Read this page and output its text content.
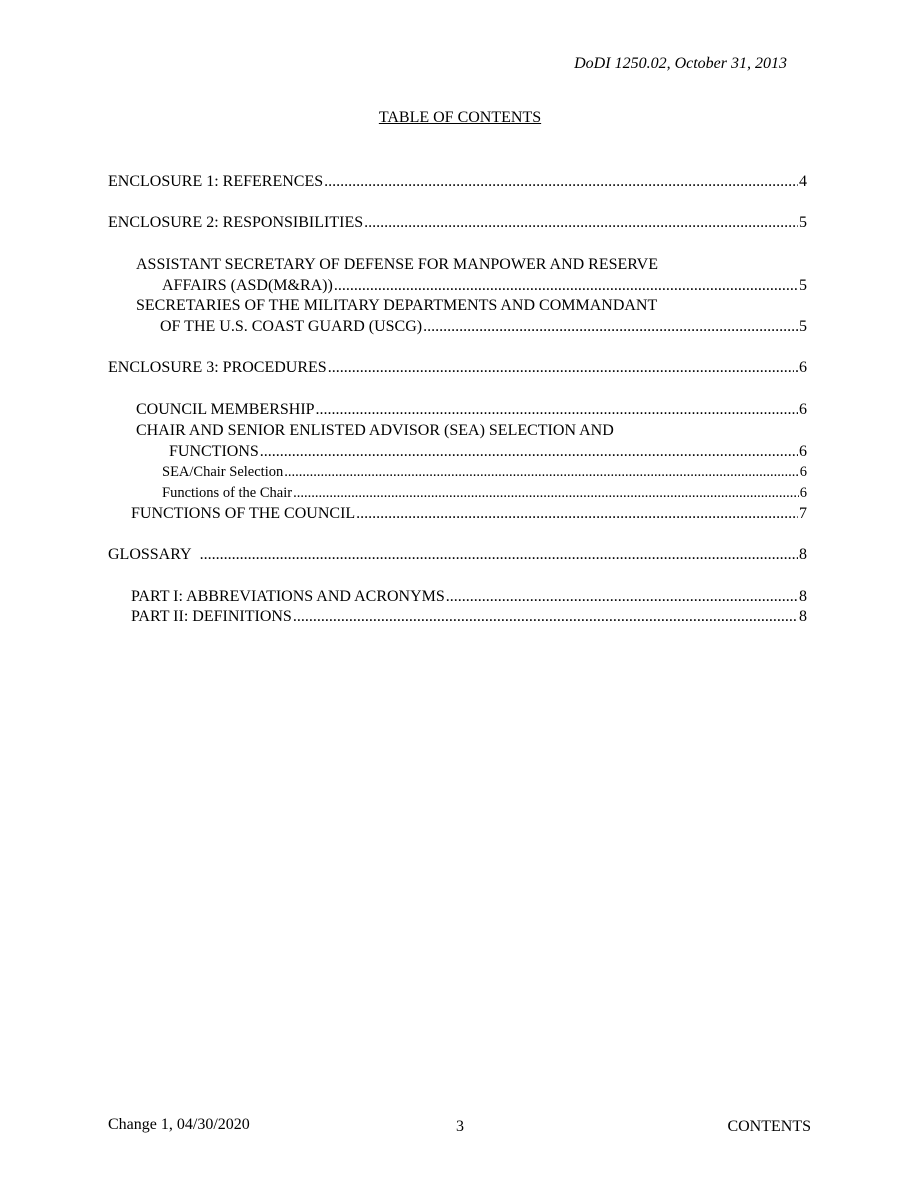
DoDI 1250.02, October 31, 2013
TABLE OF CONTENTS
ENCLOSURE 1: REFERENCES .....	4
ENCLOSURE 2: RESPONSIBILITIES .....	5
ASSISTANT SECRETARY OF DEFENSE FOR MANPOWER AND RESERVE
AFFAIRS (ASD(M&RA)) .....	5
SECRETARIES OF THE MILITARY DEPARTMENTS AND COMMANDANT
OF THE U.S. COAST GUARD (USCG) .....	5
ENCLOSURE 3: PROCEDURES .....	.6
COUNCIL MEMBERSHIP .....	6
CHAIR AND SENIOR ENLISTED ADVISOR (SEA) SELECTION AND
FUNCTIONS .....	6
SEA/Chair Selection .....	6
Functions of the Chair .....	6
FUNCTIONS OF THE COUNCIL .....	7
GLOSSARY .....	8
PART I: ABBREVIATIONS AND ACRONYMS .....	8
PART II: DEFINITIONS .....	8
Change 1, 04/30/2020	3	CONTENTS
